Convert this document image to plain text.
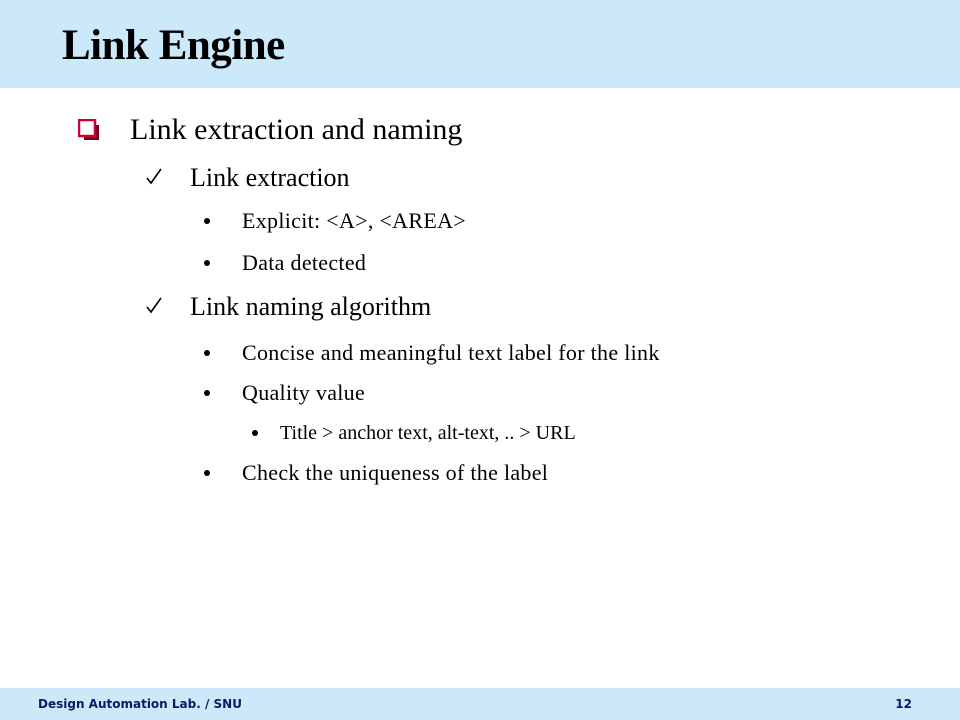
Link Engine
Link extraction and naming
Link extraction
Explicit: <A>, <AREA>
Data detected
Link naming algorithm
Concise and meaningful text label for the link
Quality value
Title > anchor text, alt-text, .. > URL
Check the uniqueness of the label
Design Automation Lab. / SNU	12
